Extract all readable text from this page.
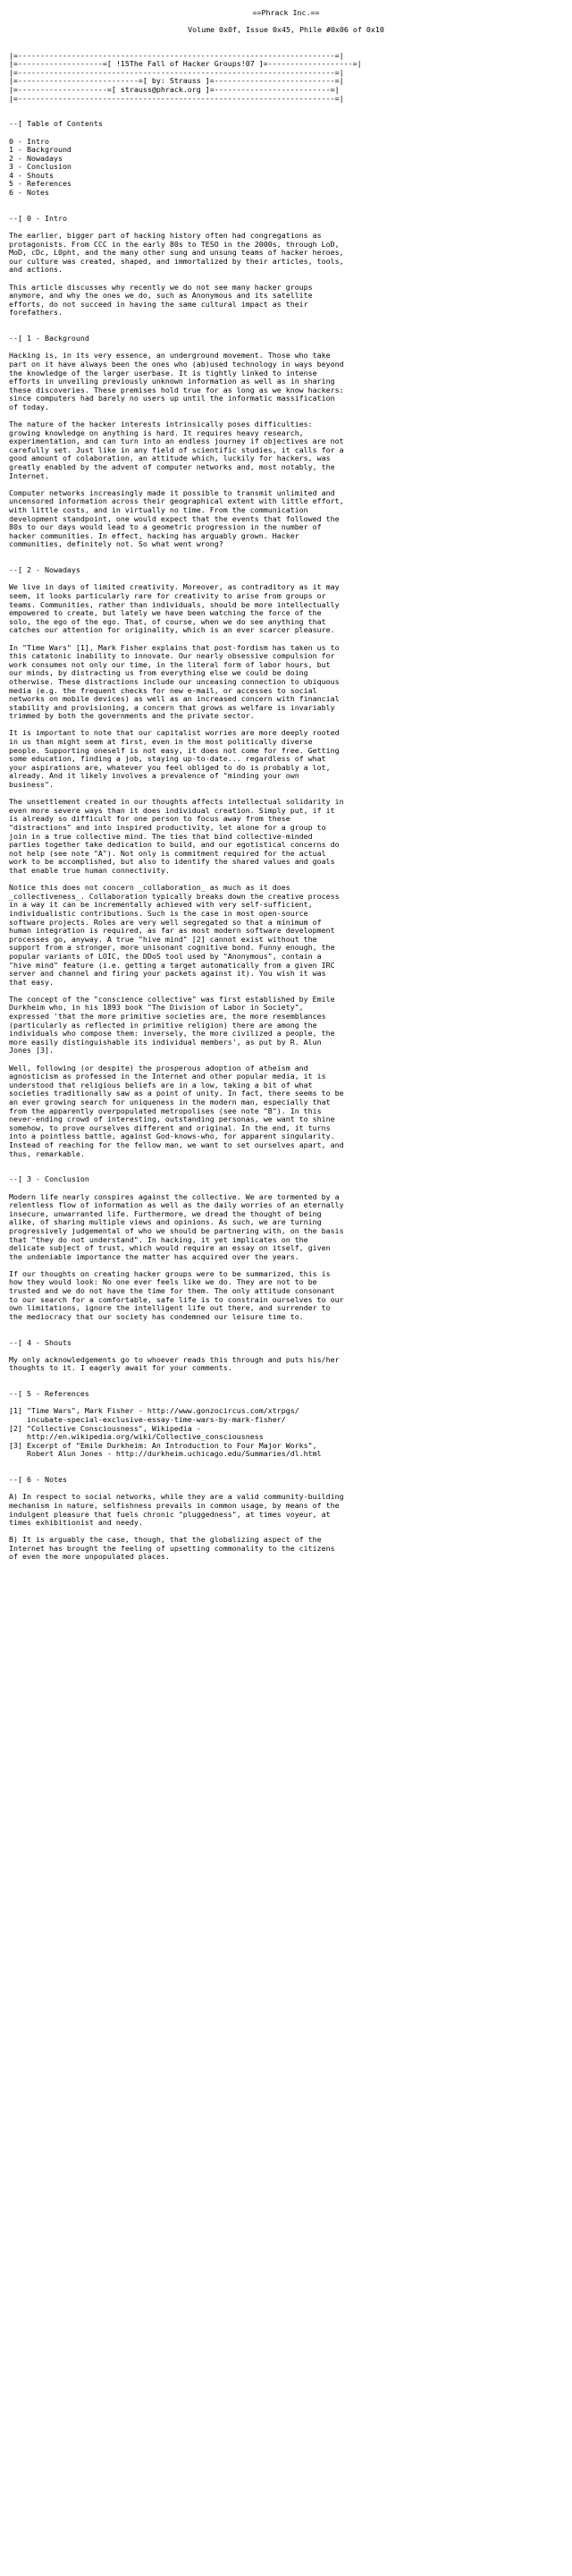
==Phrack Inc.==
Volume 0x0f, Issue 0x45, Phile #0x06 of 0x10
|=-----------------------------------------------------------------------=|
|=-------------------=[ !15The Fall of Hacker Groups!07 ]=-------------------=|
|=-----------------------------------------------------------------------=|
|=---------------------------=[ by: Strauss ]=---------------------------=|
|=--------------------=[ strauss@phrack.org ]=--------------------------=|
|=-----------------------------------------------------------------------=|
--[ Table of Contents
0 - Intro
1 - Background
2 - Nowadays
3 - Conclusion
4 - Shouts
5 - References
6 - Notes
--[ 0 - Intro
The earlier, bigger part of hacking history often had congregations as
protagonists. From CCC in the early 80s to TESO in the 2000s, through LoD,
MoD, cDc, L0pht, and the many other sung and unsung teams of hacker heroes,
our culture was created, shaped, and immortalized by their articles, tools,
and actions.
This article discusses why recently we do not see many hacker groups
anymore, and why the ones we do, such as Anonymous and its satellite
efforts, do not succeed in having the same cultural impact as their
forefathers.
--[ 1 - Background
Hacking is, in its very essence, an underground movement. Those who take
part on it have always been the ones who (ab)used technology in ways beyond
the knowledge of the larger userbase. It is tightly linked to intense
efforts in unveiling previously unknown information as well as in sharing
these discoveries. These premises hold true for as long as we know hackers:
since computers had barely no users up until the informatic massification
of today.
The nature of the hacker interests intrinsically poses difficulties:
growing knowledge on anything is hard. It requires heavy research,
experimentation, and can turn into an endless journey if objectives are not
carefully set. Just like in any field of scientific studies, it calls for a
good amount of colaboration, an attitude which, luckily for hackers, was
greatly enabled by the advent of computer networks and, most notably, the
Internet.
Computer networks increasingly made it possible to transmit unlimited and
uncensored information across their geographical extent with little effort,
with little costs, and in virtually no time. From the communication
development standpoint, one would expect that the events that followed the
80s to our days would lead to a geometric progression in the number of
hacker communities. In effect, hacking has arguably grown. Hacker
communities, definitely not. So what went wrong?
--[ 2 - Nowadays
We live in days of limited creativity. Moreover, as contraditory as it may
seem, it looks particularly rare for creativity to arise from groups or
teams. Communities, rather than individuals, should be more intellectually
empowered to create, but lately we have been watching the force of the
solo, the ego of the ego. That, of course, when we do see anything that
catches our attention for originality, which is an ever scarcer pleasure.
In "Time Wars" [1], Mark Fisher explains that post-fordism has taken us to
this catatonic inability to innovate. Our nearly obsessive compulsion for
work consumes not only our time, in the literal form of labor hours, but
our minds, by distracting us from everything else we could be doing
otherwise. These distractions include our unceasing connection to ubiquous
media (e.g. the frequent checks for new e-mail, or accesses to social
networks on mobile devices) as well as an increased concern with financial
stability and provisioning, a concern that grows as welfare is invariably
trimmed by both the governments and the private sector.
It is important to note that our capitalist worries are more deeply rooted
in us than might seem at first, even in the most politically diverse
people. Supporting oneself is not easy, it does not come for free. Getting
some education, finding a job, staying up-to-date... regardless of what
your aspirations are, whatever you feel obliged to do is probably a lot,
already. And it likely involves a prevalence of "minding your own
business".
The unsettlement created in our thoughts affects intellectual solidarity in
even more severe ways than it does individual creation. Simply put, if it
is already so difficult for one person to focus away from these
"distractions" and into inspired productivity, let alone for a group to
join in a true collective mind. The ties that bind collective-minded
parties together take dedication to build, and our egotistical concerns do
not help (see note "A"). Not only is commitment required for the actual
work to be accomplished, but also to identify the shared values and goals
that enable true human connectivity.
Notice this does not concern _collaboration_ as much as it does
_collectiveness_. Collaboration typically breaks down the creative process
in a way it can be incrementally achieved with very self-sufficient,
individualistic contributions. Such is the case in most open-source
software projects. Roles are very well segregated so that a minimum of
human integration is required, as far as most modern software development
processes go, anyway. A true "hive mind" [2] cannot exist without the
support from a stronger, more unisonant cognitive bond. Funny enough, the
popular variants of LOIC, the DDoS tool used by "Anonymous", contain a
"hive mind" feature (i.e. getting a target automatically from a given IRC
server and channel and firing your packets against it). You wish it was
that easy.
The concept of the "conscience collective" was first established by Emile
Durkheim who, in his 1893 book "The Division of Labor in Society",
expressed 'that the more primitive societies are, the more resemblances
(particularly as reflected in primitive religion) there are among the
individuals who compose them: inversely, the more civilized a people, the
more easily distinguishable its individual members', as put by R. Alun
Jones [3].
Well, following (or despite) the prosperous adoption of atheism and
agnosticism as professed in the Internet and other popular media, it is
understood that religious beliefs are in a low, taking a bit of what
societies traditionally saw as a point of unity. In fact, there seems to be
an ever growing search for uniqueness in the modern man, especially that
from the apparently overpopulated metropolises (see note "B"). In this
never-ending crowd of interesting, outstanding personas, we want to shine
somehow, to prove ourselves different and original. In the end, it turns
into a pointless battle, against God-knows-who, for apparent singularity.
Instead of reaching for the fellow man, we want to set ourselves apart, and
thus, remarkable.
--[ 3 - Conclusion
Modern life nearly conspires against the collective. We are tormented by a
relentless flow of information as well as the daily worries of an eternally
insecure, unwarranted life. Furthermore, we dread the thought of being
alike, of sharing multiple views and opinions. As such, we are turning
progressively judgemental of who we should be partnering with, on the basis
that "they do not understand". In hacking, it yet implicates on the
delicate subject of trust, which would require an essay on itself, given
the undeniable importance the matter has acquired over the years.
If our thoughts on creating hacker groups were to be summarized, this is
how they would look: No one ever feels like we do. They are not to be
trusted and we do not have the time for them. The only attitude consonant
to our search for a comfortable, safe life is to constrain ourselves to our
own limitations, ignore the intelligent life out there, and surrender to
the mediocracy that our society has condemned our leisure time to.
--[ 4 - Shouts
My only acknowledgements go to whoever reads this through and puts his/her
thoughts to it. I eagerly await for your comments.
--[ 5 - References
[1] "Time Wars", Mark Fisher - http://www.gonzocircus.com/xtrpgs/
incubate-special-exclusive-essay-time-wars-by-mark-fisher/
[2] "Collective Consciousness", Wikipedia -
http://en.wikipedia.org/wiki/Collective_consciousness
[3] Excerpt of "Emile Durkheim: An Introduction to Four Major Works",
Robert Alun Jones - http://durkheim.uchicago.edu/Summaries/dl.html
--[ 6 - Notes
A) In respect to social networks, while they are a valid community-building
mechanism in nature, selfishness prevails in common usage, by means of the
indulgent pleasure that fuels chronic "pluggedness", at times voyeur, at
times exhibitionist and needy.
B) It is arguably the case, though, that the globalizing aspect of the
Internet has brought the feeling of upsetting commonality to the citizens
of even the more unpopulated places.
